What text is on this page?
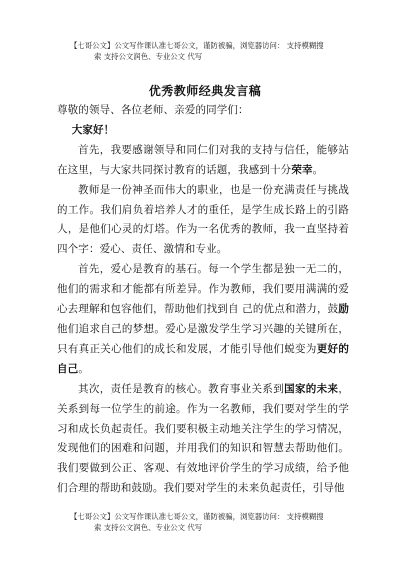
【七哥公文】公文写作课认准七哥公文，谨防被骗，浏览器访问： 支持模糊搜
索 支持公文润色、专业公文 代写
优秀教师经典发言稿

尊敬的领导、各位老师、亲爱的同学们：

大家好！

首先，我要感谢领导和同仁们对我的支持与信任，能够站在这里，与大家共同探讨教育的话题，我感到十分荣幸。

教师是一份神圣而伟大的职业，也是一份充满责任与挑战的工作。我们肩负着培养人才的重任，是学生成长路上的引路人，是他们心灵的灯塔。作为一名优秀的教师，我一直坚持着四个字：爱心、责任、激情和专业。

首先，爱心是教育的基石。每一个学生都是独一无二的，他们的需求和才能都有所差异。作为教师，我们要用满满的爱心去理解和包容他们，帮助他们找到自 己的优点和潜力，鼓励 他们追求自己的梦想。爱心是激发学生学习兴趣的关键所在， 只有真正关心他们的成长和发展，才能引导他们蜕变为更好的 自己。

其次，责任是教育的核心。教育事业关系到国家的未来，关系到每一位学生的前途。作为一名教师，我们要对学生的学习和成长负起责任。我们要积极主动地关注学生的学习情况，发现他们的困难和问题，并用我们的知识和智慧去帮助他们。我们要做到公正、客观、有效地评价学生的学习成绩，给予他们合理的帮助和鼓励。我们要对学生的未来负起责任，引导他

【七哥公文】公文写作课认准七哥公文，谨防被骗，浏览器访问： 支持模糊搜
索 支持公文润色、专业公文 代写
